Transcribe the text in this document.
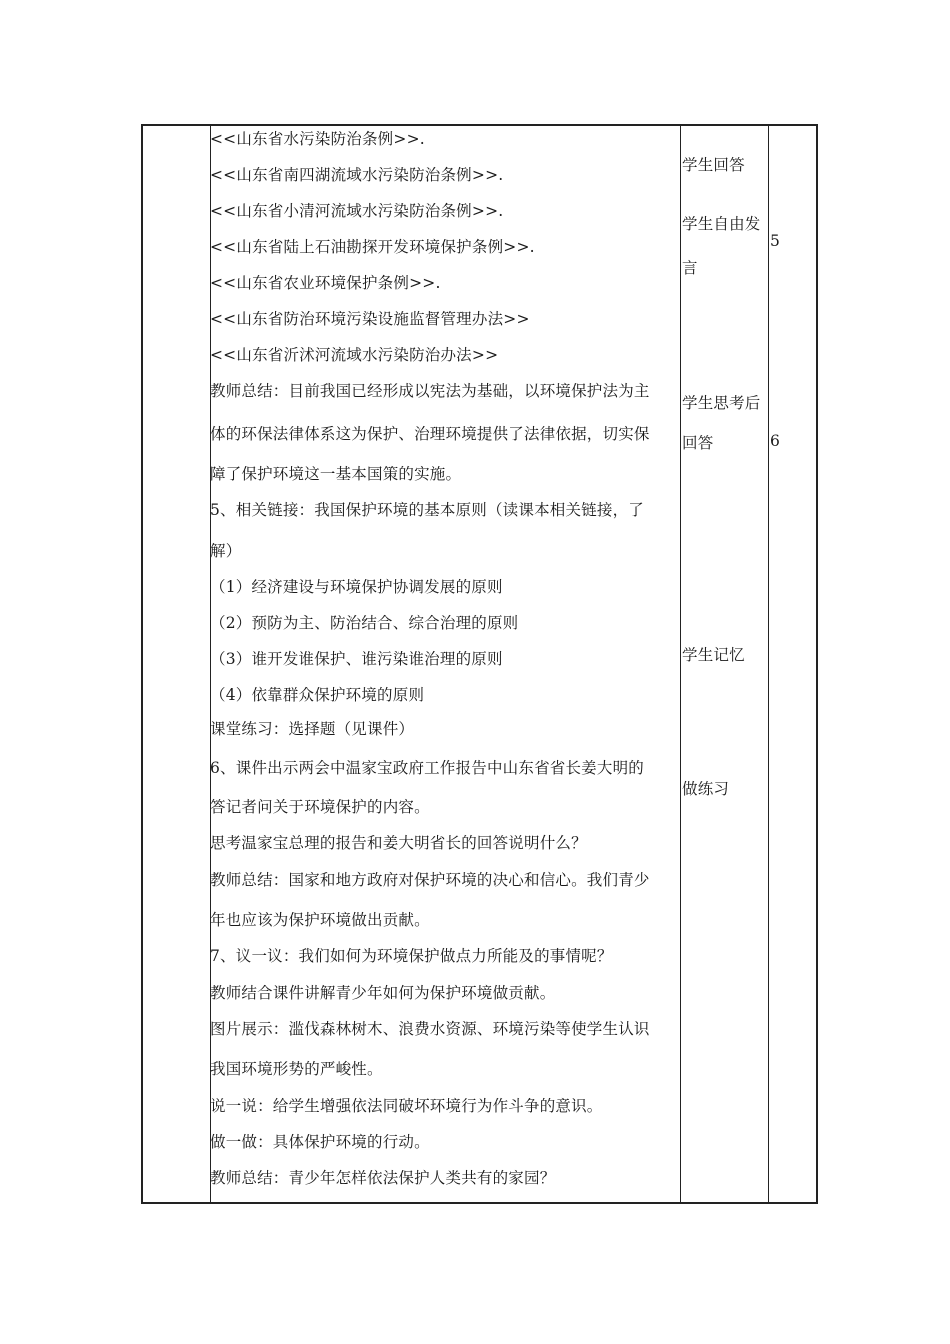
<<山东省水污染防治条例>>.
<<山东省南四湖流域水污染防治条例>>.
<<山东省小清河流域水污染防治条例>>.
<<山东省陆上石油勘探开发环境保护条例>>.
<<山东省农业环境保护条例>>.
<<山东省防治环境污染设施监督管理办法>>
<<山东省沂沭河流域水污染防治办法>>
教师总结：目前我国已经形成以宪法为基础，以环境保护法为主
体的环保法律体系这为保护、治理环境提供了法律依据，切实保
障了保护环境这一基本国策的实施。
5、相关链接：我国保护环境的基本原则（读课本相关链接，了
解）
（1）经济建设与环境保护协调发展的原则
（2）预防为主、防治结合、综合治理的原则
（3）谁开发谁保护、谁污染谁治理的原则
（4）依靠群众保护环境的原则
课堂练习：选择题（见课件）
6、课件出示两会中温家宝政府工作报告中山东省省长姜大明的
答记者问关于环境保护的内容。
思考温家宝总理的报告和姜大明省长的回答说明什么？
教师总结：国家和地方政府对保护环境的决心和信心。我们青少
年也应该为保护环境做出贡献。
7、议一议：我们如何为环境保护做点力所能及的事情呢？
教师结合课件讲解青少年如何为保护环境做贡献。
图片展示：滥伐森林树木、浪费水资源、环境污染等使学生认识
我国环境形势的严峻性。
说一说：给学生增强依法同破坏环境行为作斗争的意识。
做一做：具体保护环境的行动。
教师总结：青少年怎样依法保护人类共有的家园？
学生回答
学生自由发
言
学生思考后
回答
学生记忆
做练习
5
6
